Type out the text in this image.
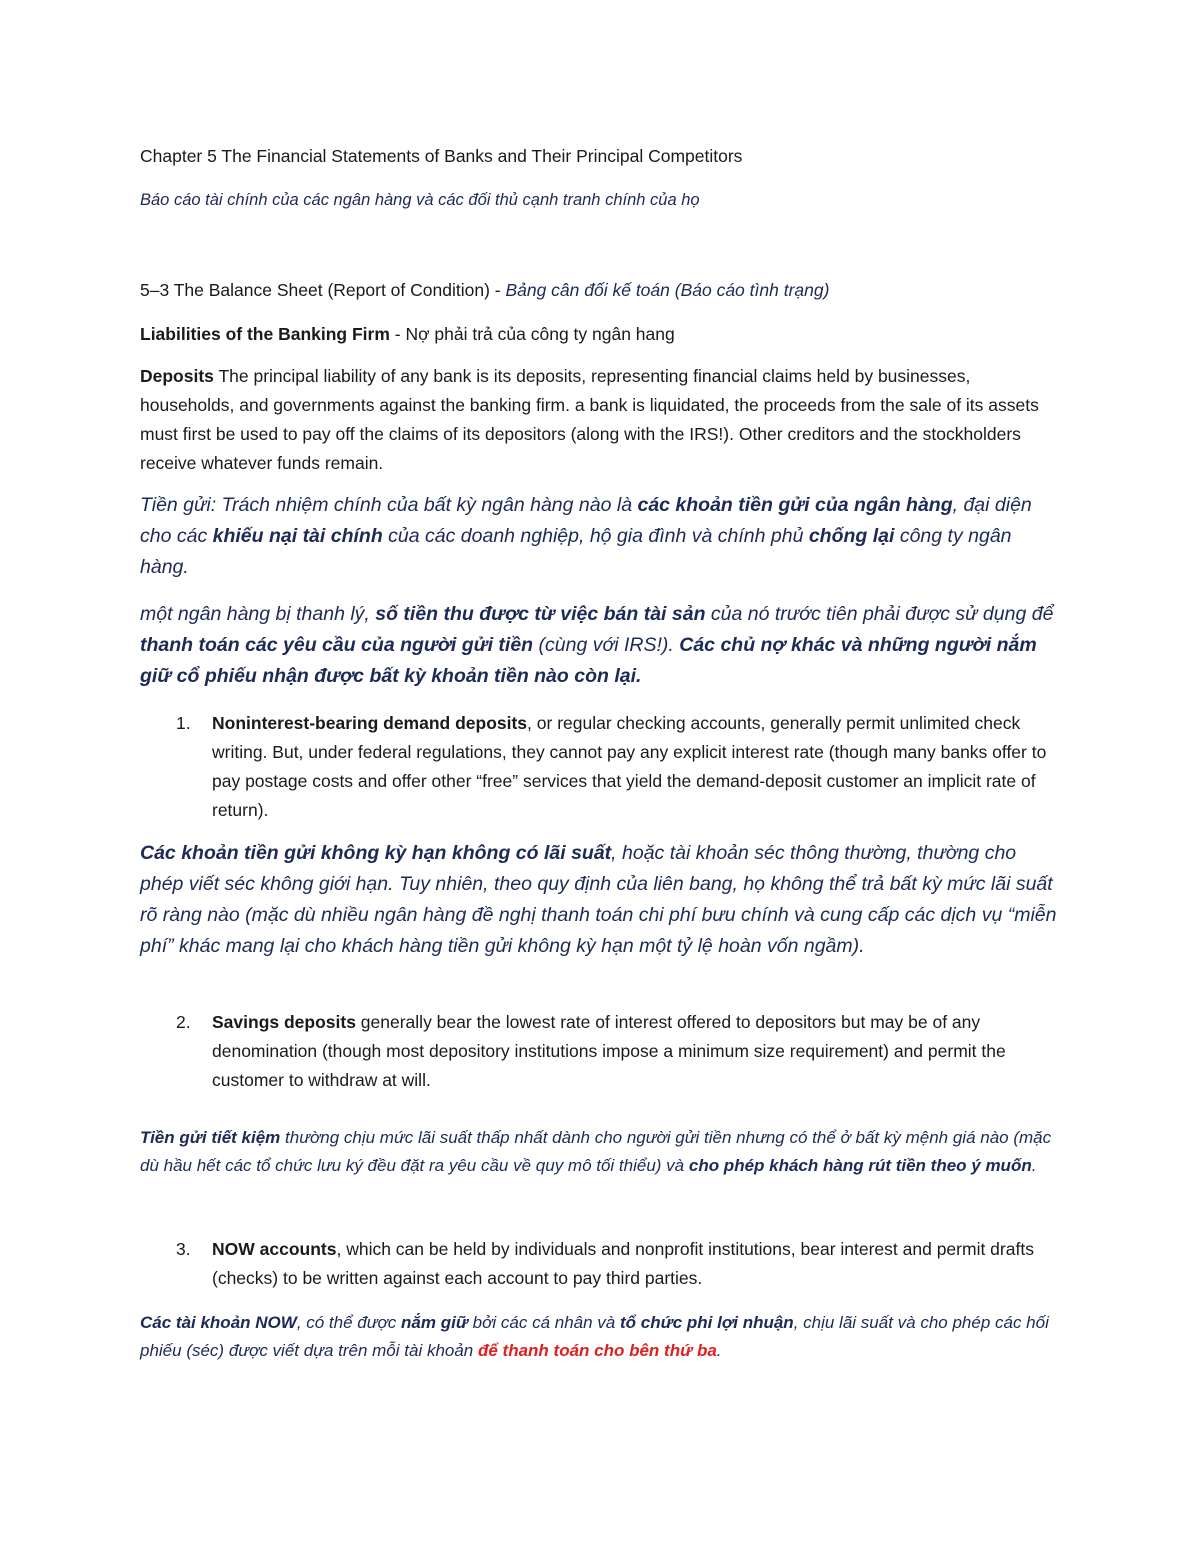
Chapter 5 The Financial Statements of Banks and Their Principal Competitors

Báo cáo tài chính của các ngân hàng và các đối thủ cạnh tranh chính của họ

5–3 The Balance Sheet (Report of Condition) - Bảng cân đối kế toán (Báo cáo tình trạng)

Liabilities of the Banking Firm - Nợ phải trả của công ty ngân hang

Deposits The principal liability of any bank is its deposits, representing financial claims held by businesses, households, and governments against the banking firm. a bank is liquidated, the proceeds from the sale of its assets must first be used to pay off the claims of its depositors (along with the IRS!). Other creditors and the stockholders receive whatever funds remain.

Tiền gửi: Trách nhiệm chính của bất kỳ ngân hàng nào là các khoản tiền gửi của ngân hàng, đại diện cho các khiếu nại tài chính của các doanh nghiệp, hộ gia đình và chính phủ chống lại công ty ngân hàng.

một ngân hàng bị thanh lý, số tiền thu được từ việc bán tài sản của nó trước tiên phải được sử dụng để thanh toán các yêu cầu của người gửi tiền (cùng với IRS!). Các chủ nợ khác và những người nắm giữ cổ phiếu nhận được bất kỳ khoản tiền nào còn lại.

1. Noninterest-bearing demand deposits, or regular checking accounts, generally permit unlimited check writing. But, under federal regulations, they cannot pay any explicit interest rate (though many banks offer to pay postage costs and offer other “free” services that yield the demand-deposit customer an implicit rate of return).

Các khoản tiền gửi không kỳ hạn không có lãi suất, hoặc tài khoản séc thông thường, thường cho phép viết séc không giới hạn. Tuy nhiên, theo quy định của liên bang, họ không thể trả bất kỳ mức lãi suất rõ ràng nào (mặc dù nhiều ngân hàng đề nghị thanh toán chi phí bưu chính và cung cấp các dịch vụ “miễn phí” khác mang lại cho khách hàng tiền gửi không kỳ hạn một tỷ lệ hoàn vốn ngầm).

2. Savings deposits generally bear the lowest rate of interest offered to depositors but may be of any denomination (though most depository institutions impose a minimum size requirement) and permit the customer to withdraw at will.

Tiền gửi tiết kiệm thường chịu mức lãi suất thấp nhất dành cho người gửi tiền nhưng có thể ở bất kỳ mệnh giá nào (mặc dù hầu hết các tổ chức lưu ký đều đặt ra yêu cầu về quy mô tối thiểu) và cho phép khách hàng rút tiền theo ý muốn.

3. NOW accounts, which can be held by individuals and nonprofit institutions, bear interest and permit drafts (checks) to be written against each account to pay third parties.

Các tài khoản NOW, có thể được nắm giữ bởi các cá nhân và tổ chức phi lợi nhuận, chịu lãi suất và cho phép các hối phiếu (séc) được viết dựa trên mỗi tài khoản để thanh toán cho bên thứ ba.
